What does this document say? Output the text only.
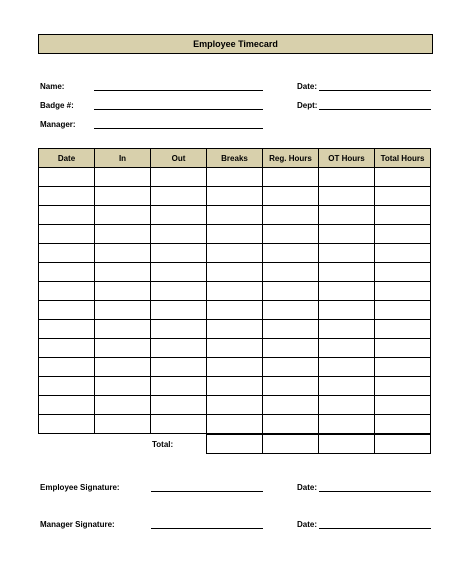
Employee Timecard
Name:
Badge #:
Manager:
Date:
Dept:
Date	In	Out	Breaks	Reg. Hours	OT Hours	Total Hours

Total:

Employee Signature:	Date:
Manager Signature:	Date:
